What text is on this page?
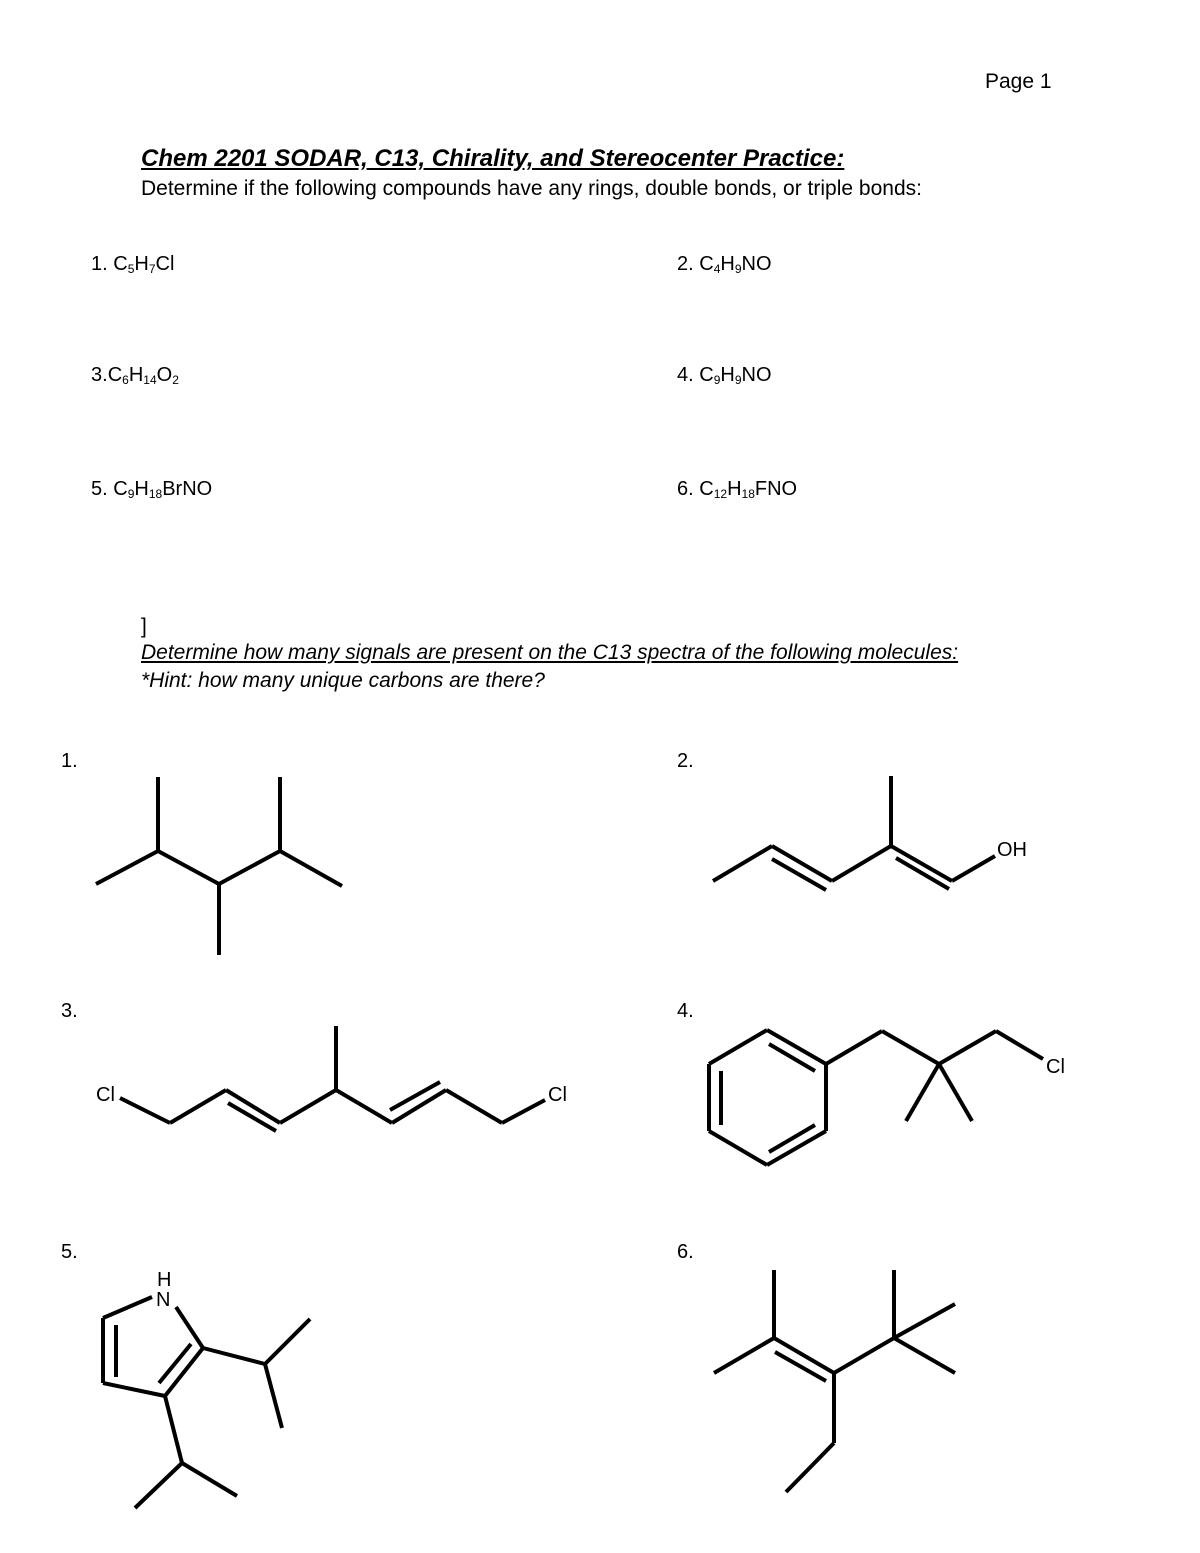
Page 1
Chem 2201 SODAR, C13, Chirality, and Stereocenter Practice:
Determine if the following compounds have any rings, double bonds, or triple bonds:
1. $C_5H_7Cl$	2. $C_4H_9NO$
$3.C_6H_{14}O_2$	4. $C_9H_9NO$
5. $C_9H_{18}BrNO$	6. $C_{12}H_{18}FNO$
]
Determine how many signals are present on the C13 spectra of the following molecules:
*Hint: how many unique carbons are there?
1.	2.
3.	4.
5.	6.
OH
Cl	Cl
Cl
H
N
